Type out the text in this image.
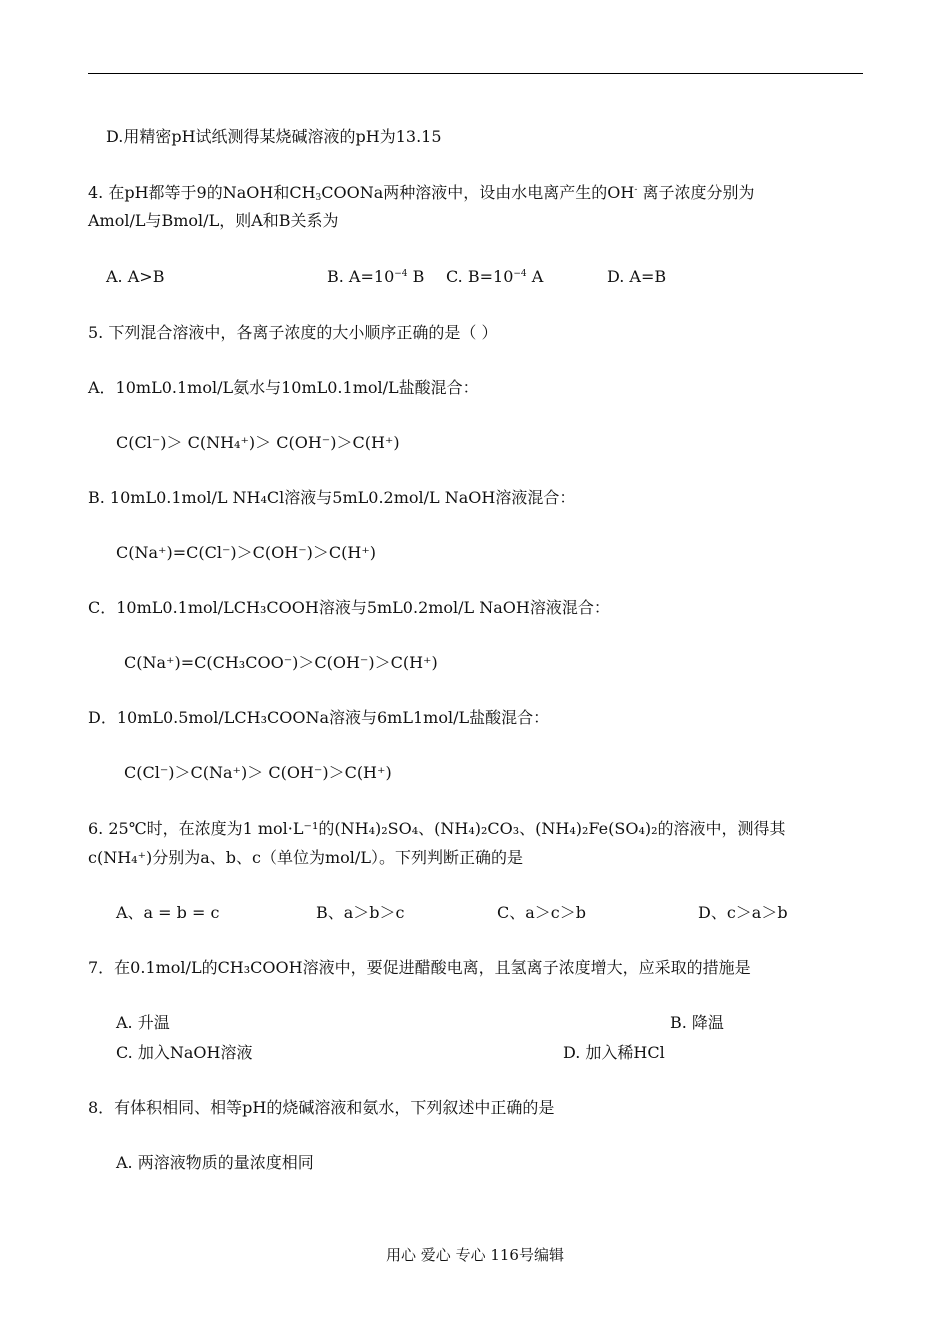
D.用精密pH试纸测得某烧碱溶液的pH为13.15
4. 在pH都等于9的NaOH和$CH_3COONa$两种溶液中，设由水电离产生的OH- 离子浓度分别为
Amol/L与Bmol/L，则A和B关系为
A. A>B	B. $A=10^{-4}$ B C. $B=10^{-4}$ A	D. A=B
5. 下列混合溶液中，各离子浓度的大小顺序正确的是（ ）
A．10mL0.1mol/L氨水与10mL0.1mol/L盐酸混合：
C(Cl⁻)＞ C(NH₄⁺)＞ C(OH⁻)＞C(H⁺)
B. 10mL0.1mol/L NH₄Cl溶液与5mL0.2mol/L NaOH溶液混合：
C(Na⁺)=C(Cl⁻)＞C(OH⁻)＞C(H⁺)
C．10mL0.1mol/LCH₃COOH溶液与5mL0.2mol/L NaOH溶液混合：
C(Na⁺)=C(CH₃COO⁻)＞C(OH⁻)＞C(H⁺)
D．10mL0.5mol/LCH₃COONa溶液与6mL1mol/L盐酸混合：
C(Cl⁻)＞C(Na⁺)＞ C(OH⁻)＞C(H⁺)
6. 25℃时，在浓度为1 mol·L⁻¹的(NH₄)₂SO₄、(NH₄)₂CO₃、(NH₄)₂Fe(SO₄)₂的溶液中，测得其
c(NH₄⁺)分别为a、b、c（单位为mol/L）。下列判断正确的是
A、a = b = c	B、a＞b＞c	C、a＞c＞b	D、c＞a＞b
7．在0.1mol/L的CH₃COOH溶液中，要促进醋酸电离，且氢离子浓度增大，应采取的措施是
A. 升温	B. 降温
C. 加入NaOH溶液	D. 加入稀HCl
8．有体积相同、相等pH的烧碱溶液和氨水，下列叙述中正确的是
A. 两溶液物质的量浓度相同
用心 爱心 专心 116号编辑
